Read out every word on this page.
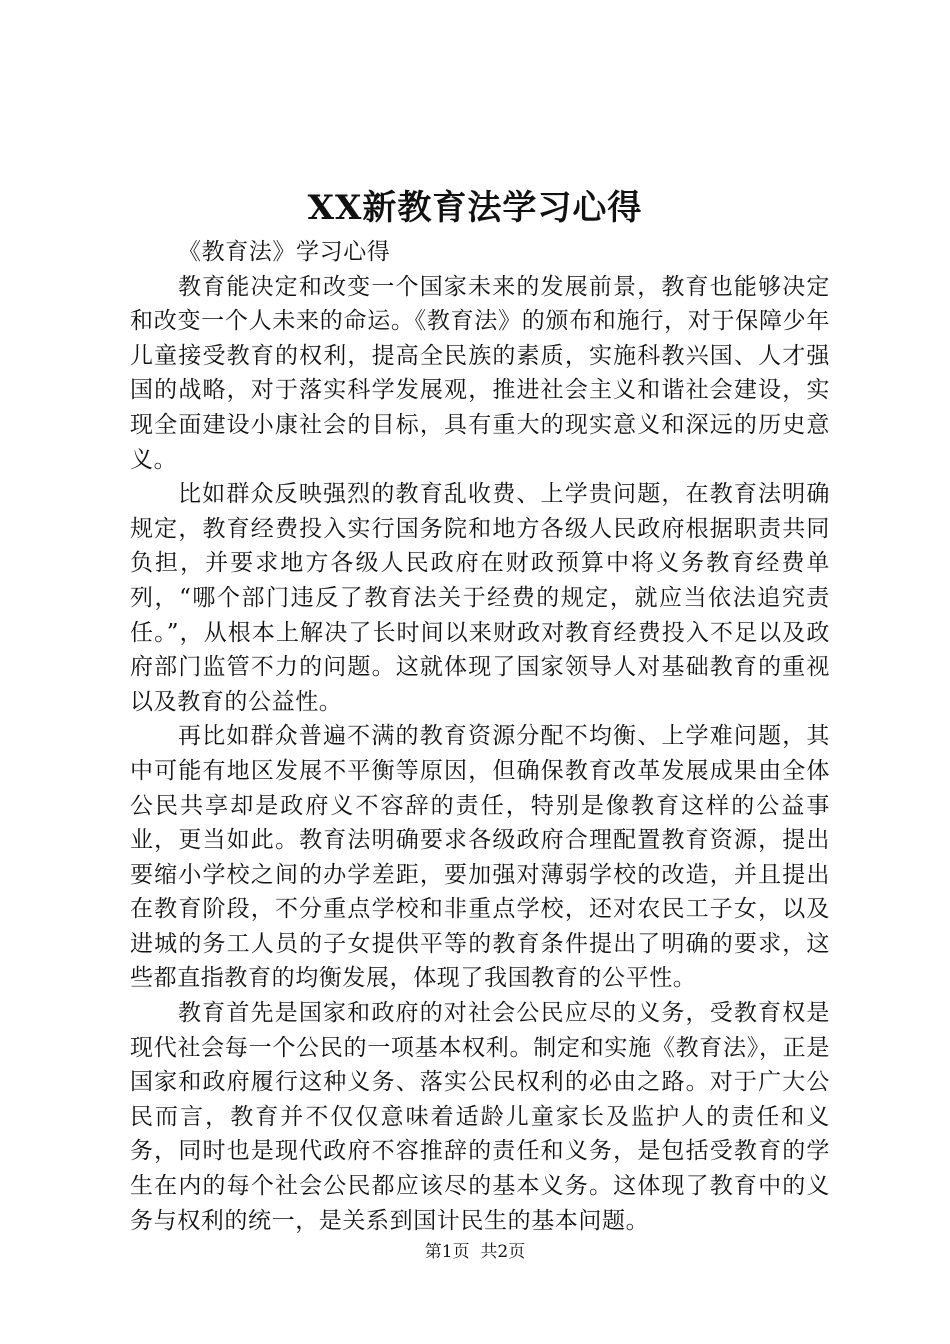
XX新教育法学习心得

《教育法》学习心得

教育能决定和改变一个国家未来的发展前景，教育也能够决定和改变一个人未来的命运。《教育法》的颁布和施行，对于保障少年儿童接受教育的权利，提高全民族的素质，实施科教兴国、人才强国的战略，对于落实科学发展观，推进社会主义和谐社会建设，实现全面建设小康社会的目标，具有重大的现实意义和深远的历史意义。

比如群众反映强烈的教育乱收费、上学贵问题，在教育法明确规定，教育经费投入实行国务院和地方各级人民政府根据职责共同负担，并要求地方各级人民政府在财政预算中将义务教育经费单列，“哪个部门违反了教育法关于经费的规定，就应当依法追究责任。”，从根本上解决了长时间以来财政对教育经费投入不足以及政府部门监管不力的问题。这就体现了国家领导人对基础教育的重视以及教育的公益性。

再比如群众普遍不满的教育资源分配不均衡、上学难问题，其中可能有地区发展不平衡等原因，但确保教育改革发展成果由全体公民共享却是政府义不容辞的责任，特别是像教育这样的公益事业，更当如此。教育法明确要求各级政府合理配置教育资源，提出要缩小学校之间的办学差距，要加强对薄弱学校的改造，并且提出在教育阶段，不分重点学校和非重点学校，还对农民工子女，以及进城的务工人员的子女提供平等的教育条件提出了明确的要求，这些都直指教育的均衡发展，体现了我国教育的公平性。

教育首先是国家和政府的对社会公民应尽的义务，受教育权是现代社会每一个公民的一项基本权利。制定和实施《教育法》，正是国家和政府履行这种义务、落实公民权利的必由之路。对于广大公民而言，教育并不仅仅意味着适龄儿童家长及监护人的责任和义务，同时也是现代政府不容推辞的责任和义务，是包括受教育的学生在内的每个社会公民都应该尽的基本义务。这体现了教育中的义务与权利的统一，是关系到国计民生的基本问题。

第1页 共2页
